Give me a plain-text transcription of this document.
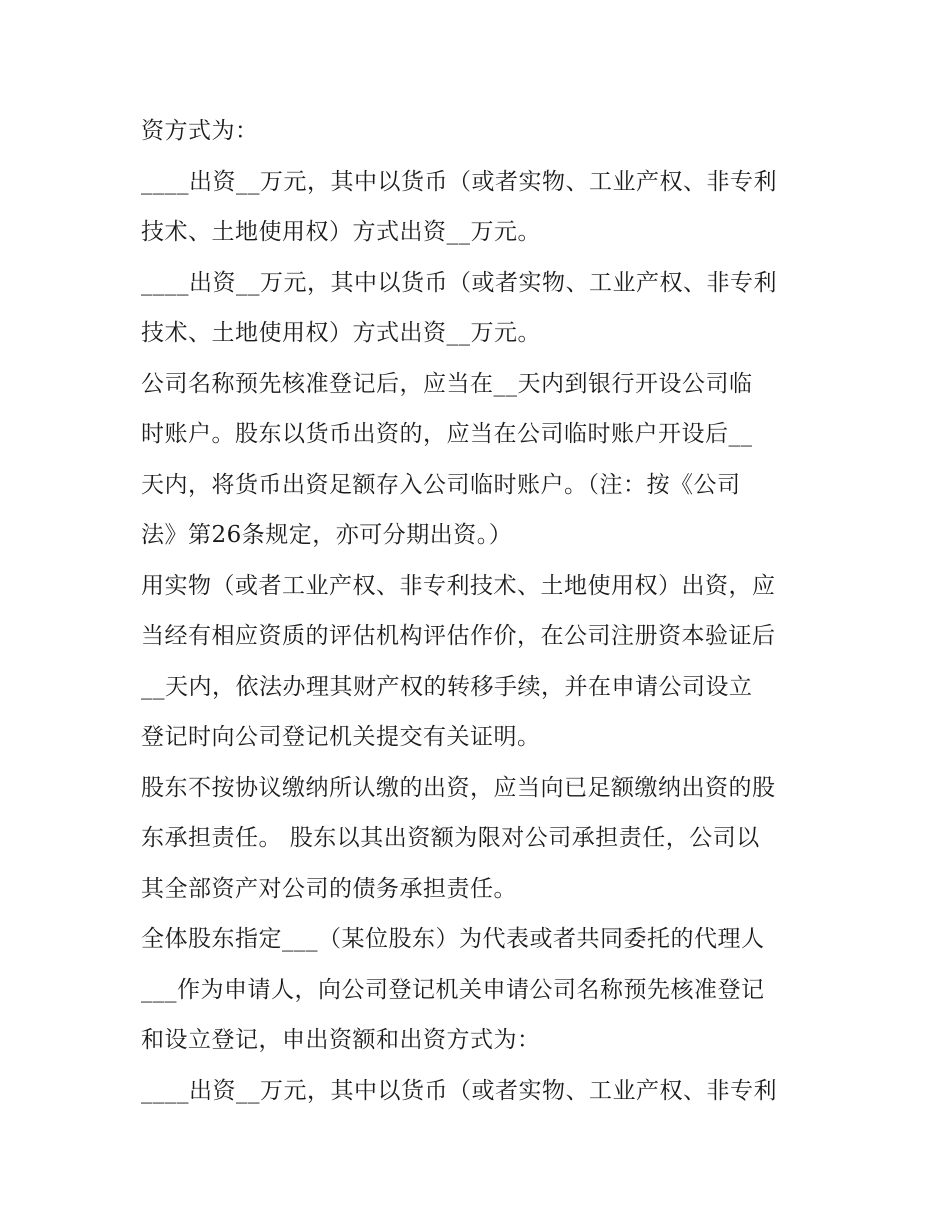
资方式为：

____出资__万元，其中以货币（或者实物、工业产权、非专利

技术、土地使用权）方式出资__万元。

____出资__万元，其中以货币（或者实物、工业产权、非专利

技术、土地使用权）方式出资__万元。

公司名称预先核准登记后，应当在__天内到银行开设公司临

时账户。股东以货币出资的，应当在公司临时账户开设后__

天内，将货币出资足额存入公司临时账户。（注：按《公司

法》第26条规定，亦可分期出资。）

用实物（或者工业产权、非专利技术、土地使用权）出资，应

当经有相应资质的评估机构评估作价，在公司注册资本验证后

__天内，依法办理其财产权的转移手续，并在申请公司设立

登记时向公司登记机关提交有关证明。

股东不按协议缴纳所认缴的出资，应当向已足额缴纳出资的股

东承担责任。 股东以其出资额为限对公司承担责任，公司以

其全部资产对公司的债务承担责任。

全体股东指定___（某位股东）为代表或者共同委托的代理人

___作为申请人，向公司登记机关申请公司名称预先核准登记

和设立登记，申出资额和出资方式为：

____出资__万元，其中以货币（或者实物、工业产权、非专利
